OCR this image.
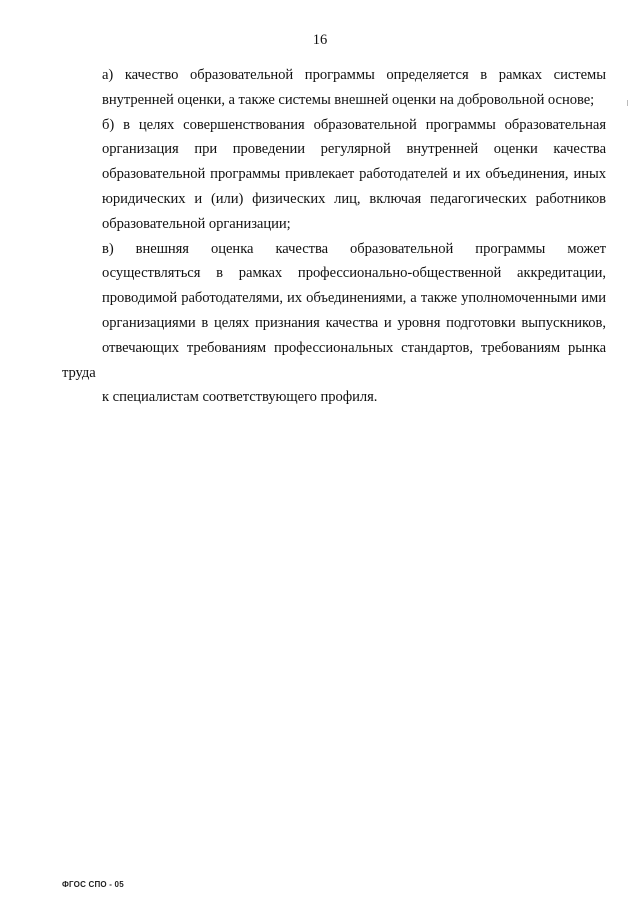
16

а) качество образовательной программы определяется в рамках системы
внутренней оценки, а также системы внешней оценки на добровольной основе;

б) в целях совершенствования образовательной программы образовательная
организация при проведении регулярной внутренней оценки качества
образовательной программы привлекает работодателей и их объединения, иных
юридических и (или) физических лиц, включая педагогических работников
образовательной организации;

в) внешняя оценка качества образовательной программы может
осуществляться в рамках профессионально-общественной аккредитации,
проводимой работодателями, их объединениями, а также уполномоченными ими
организациями в целях признания качества и уровня подготовки выпускников,
отвечающих требованиям профессиональных стандартов, требованиям рынка труда
к специалистам соответствующего профиля.

ФГОС СПО - 05
